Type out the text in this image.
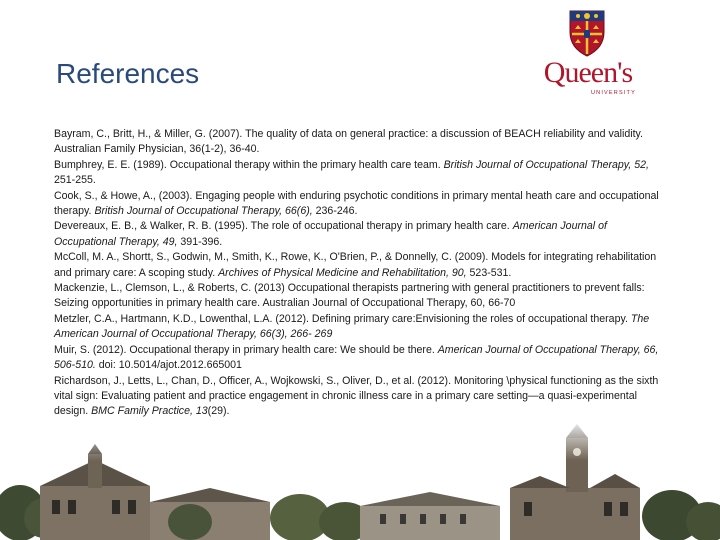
References	Queen's
UNIVERSITY

Bayram, C., Britt, H., & Miller, G. (2007). The quality of data on general practice: a discussion of BEACH reliability and validity. Australian Family Physician, 36(1-2), 36-40.

Bumphrey, E. E. (1989). Occupational therapy within the primary health care team. British Journal of Occupational Therapy, 52, 251-255.

Cook, S., & Howe, A., (2003). Engaging people with enduring psychotic conditions in primary mental heath care and occupational therapy. British Journal of Occupational Therapy, 66(6), 236-246.

Devereaux, E. B., & Walker, R. B. (1995). The role of occupational therapy in primary health care. American Journal of Occupational Therapy, 49, 391-396.

McColl, M. A., Shortt, S., Godwin, M., Smith, K., Rowe, K., O'Brien, P., & Donnelly, C. (2009). Models for integrating rehabilitation and primary care: A scoping study. Archives of Physical Medicine and Rehabilitation, 90, 523-531.

Mackenzie, L., Clemson, L., & Roberts, C. (2013) Occupational therapists partnering with general practitioners to prevent falls: Seizing opportunities in primary health care. Australian Journal of Occupational Therapy, 60, 66-70

Metzler, C.A., Hartmann, K.D., Lowenthal, L.A. (2012). Defining primary care:Envisioning the roles of occupational therapy. The American Journal of Occupational Therapy, 66(3), 266- 269

Muir, S. (2012). Occupational therapy in primary health care: We should be there. American Journal of Occupational Therapy, 66, 506-510. doi: 10.5014/ajot.2012.665001

Richardson, J., Letts, L., Chan, D., Officer, A., Wojkowski, S., Oliver, D., et al. (2012). Monitoring \physical functioning as the sixth vital sign: Evaluating patient and practice engagement in chronic illness care in a primary care setting—a quasi-experimental design. BMC Family Practice, 13(29).
